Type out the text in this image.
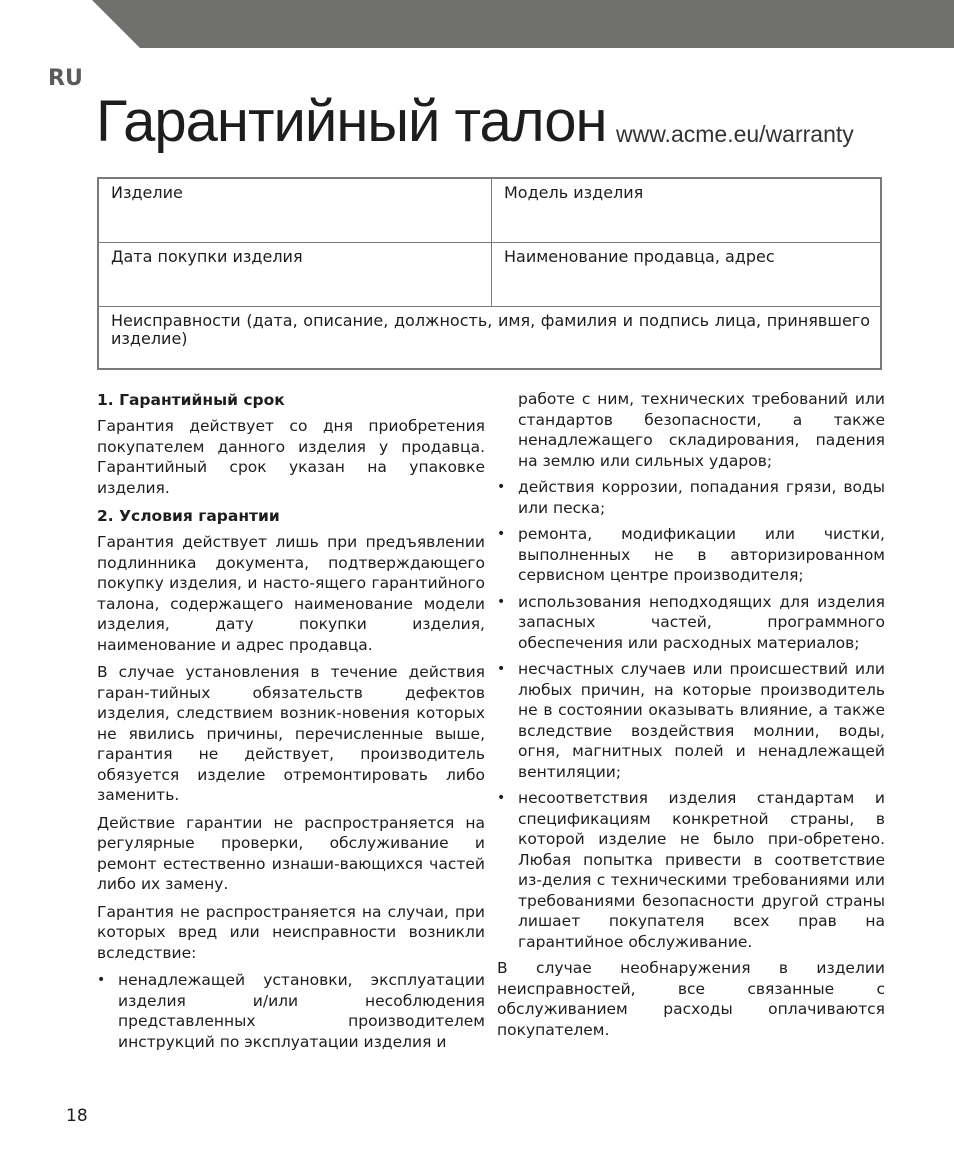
RU
Гарантийный талон www.acme.eu/warranty
Изделие	Модель изделия
Дата покупки изделия	Наименование продавца, адрес
Неисправности (дата, описание, должность, имя, фамилия и подпись лица, принявшего изделие)
1. Гарантийный срок

Гарантия действует со дня приобретения покупателем данного изделия у продавца. Гарантийный срок указан на упаковке изделия.

2. Условия гарантии

Гарантия действует лишь при предъявлении подлинника документа, подтверждающего покупку изделия, и насто-ящего гарантийного талона, содержащего наименование модели изделия, дату покупки изделия, наименование и адрес продавца.

В случае установления в течение действия гаран-тийных обязательств дефектов изделия, следствием возник-новения которых не явились причины, перечисленные выше, гарантия не действует, производитель обязуется изделие отремонтировать либо заменить.

Действие гарантии не распространяется на регулярные проверки, обслуживание и ремонт естественно изнаши-вающихся частей либо их замену.

Гарантия не распространяется на случаи, при которых вред или неисправности возникли вследствие:

• ненадлежащей установки, эксплуатации изделия и/или несоблюдения представленных производителем инструкций по эксплуатации изделия и
работе с ним, технических требований или стандартов безопасности, а также ненадлежащего складирования, падения на землю или сильных ударов;
• действия коррозии, попадания грязи, воды или песка;
• ремонта, модификации или чистки, выполненных не в авторизированном сервисном центре производителя;
• использования неподходящих для изделия запасных частей, программного обеспечения или расходных материалов;
• несчастных случаев или происшествий или любых причин, на которые производитель не в состоянии оказывать влияние, а также вследствие воздействия молнии, воды, огня, магнитных полей и ненадлежащей вентиляции;
• несоответствия изделия стандартам и спецификациям конкретной страны, в которой изделие не было при-обретено. Любая попытка привести в соответствие из-делия с техническими требованиями или требованиями безопасности другой страны лишает покупателя всех прав на гарантийное обслуживание.

В случае необнаружения в изделии неисправностей, все связанные с обслуживанием расходы оплачиваются покупателем.

18
